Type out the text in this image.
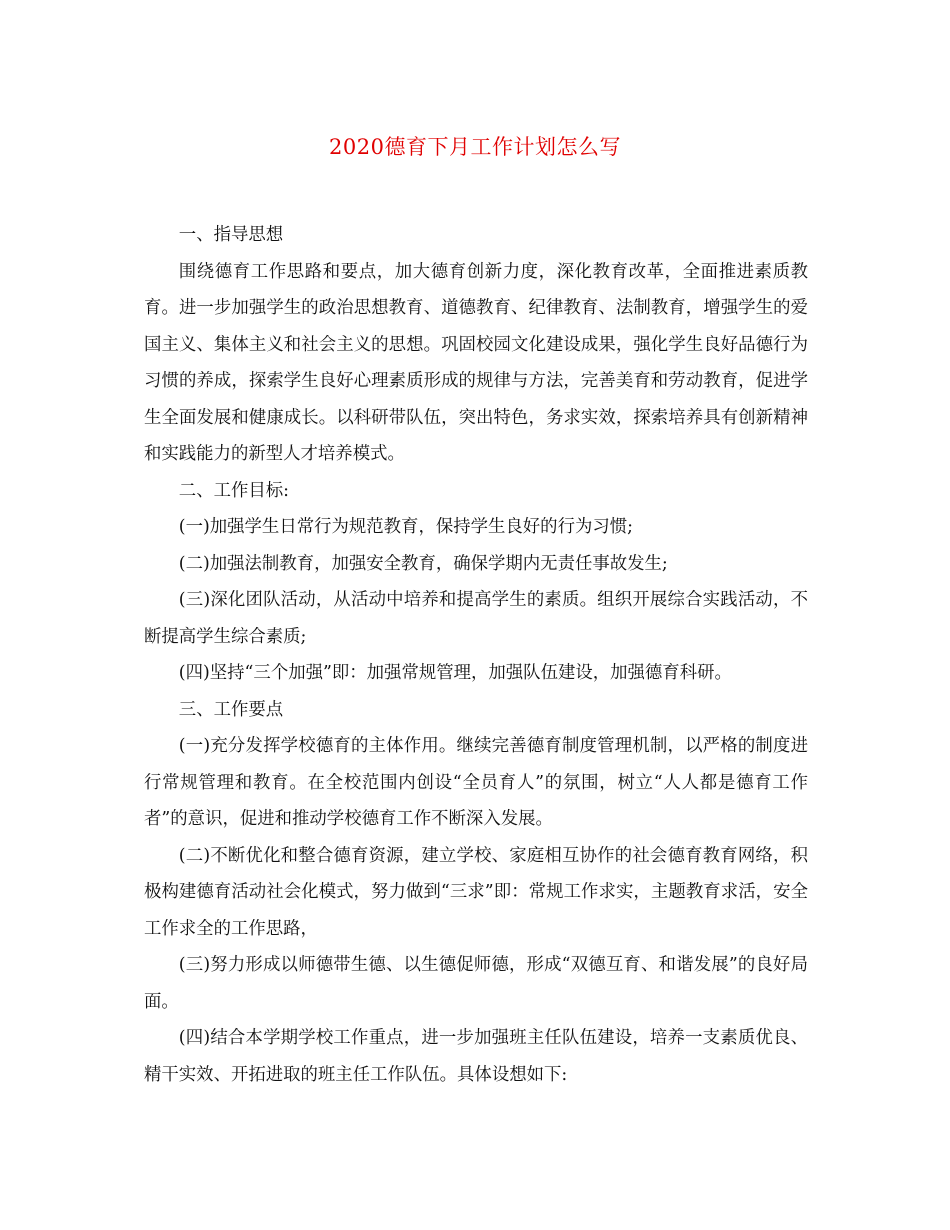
2020德育下月工作计划怎么写

一、指导思想

围绕德育工作思路和要点，加大德育创新力度，深化教育改革，全面推进素质教育。进一步加强学生的政治思想教育、道德教育、纪律教育、法制教育，增强学生的爱国主义、集体主义和社会主义的思想。巩固校园文化建设成果，强化学生良好品德行为习惯的养成，探索学生良好心理素质形成的规律与方法，完善美育和劳动教育，促进学生全面发展和健康成长。以科研带队伍，突出特色，务求实效，探索培养具有创新精神和实践能力的新型人才培养模式。

二、工作目标:

(一)加强学生日常行为规范教育，保持学生良好的行为习惯;

(二)加强法制教育，加强安全教育，确保学期内无责任事故发生;

(三)深化团队活动，从活动中培养和提高学生的素质。组织开展综合实践活动，不断提高学生综合素质;

(四)坚持“三个加强”即：加强常规管理，加强队伍建设，加强德育科研。

三、工作要点

(一)充分发挥学校德育的主体作用。继续完善德育制度管理机制，以严格的制度进行常规管理和教育。在全校范围内创设“全员育人”的氛围，树立“人人都是德育工作者”的意识，促进和推动学校德育工作不断深入发展。

(二)不断优化和整合德育资源，建立学校、家庭相互协作的社会德育教育网络，积极构建德育活动社会化模式，努力做到“三求”即：常规工作求实，主题教育求活，安全工作求全的工作思路，

(三)努力形成以师德带生德、以生德促师德，形成“双德互育、和谐发展”的良好局面。

(四)结合本学期学校工作重点，进一步加强班主任队伍建设，培养一支素质优良、精干实效、开拓进取的班主任工作队伍。具体设想如下:
